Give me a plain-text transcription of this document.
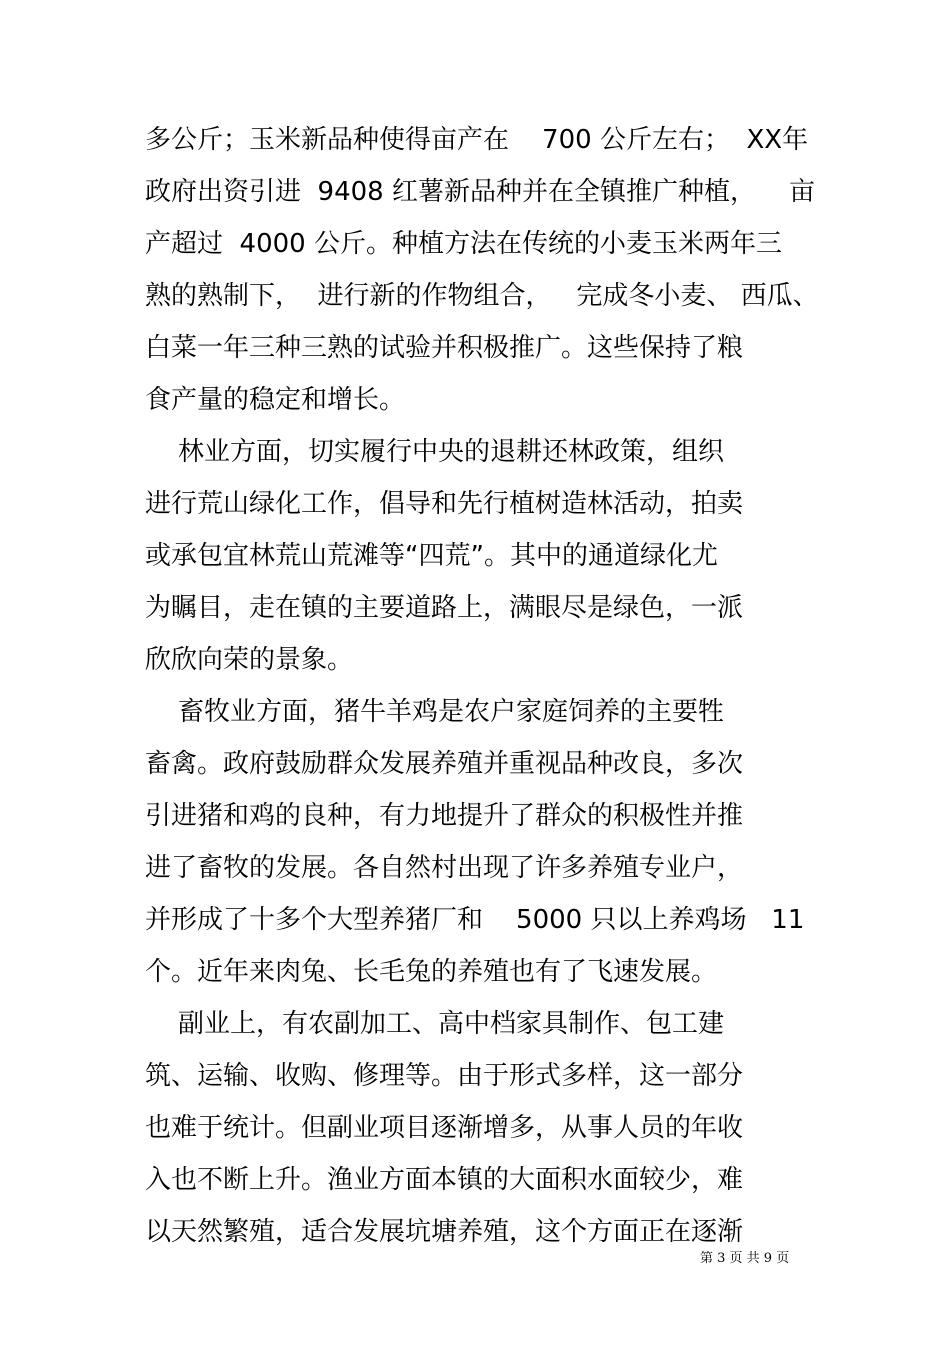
多公斤；玉米新品种使得亩产在    700 公斤左右；  XX年
政府出资引进  9408 红薯新品种并在全镇推广种植，    亩
产超过  4000 公斤。种植方法在传统的小麦玉米两年三
熟的熟制下，  进行新的作物组合，   完成冬小麦、 西瓜、
白菜一年三种三熟的试验并积极推广。这些保持了粮
食产量的稳定和增长。
林业方面，切实履行中央的退耕还林政策，组织
进行荒山绿化工作，倡导和先行植树造林活动，拍卖
或承包宜林荒山荒滩等“四荒”。其中的通道绿化尤
为瞩目，走在镇的主要道路上，满眼尽是绿色，一派
欣欣向荣的景象。
畜牧业方面，猪牛羊鸡是农户家庭饲养的主要牲
畜禽。政府鼓励群众发展养殖并重视品种改良，多次
引进猪和鸡的良种，有力地提升了群众的积极性并推
进了畜牧的发展。各自然村出现了许多养殖专业户，
并形成了十多个大型养猪厂和    5000 只以上养鸡场   11
个。近年来肉兔、长毛兔的养殖也有了飞速发展。
副业上，有农副加工、高中档家具制作、包工建
筑、运输、收购、修理等。由于形式多样，这一部分
也难于统计。但副业项目逐渐增多，从事人员的年收
入也不断上升。渔业方面本镇的大面积水面较少，难
以天然繁殖，适合发展坑塘养殖，这个方面正在逐渐
第 3 页 共 9 页
